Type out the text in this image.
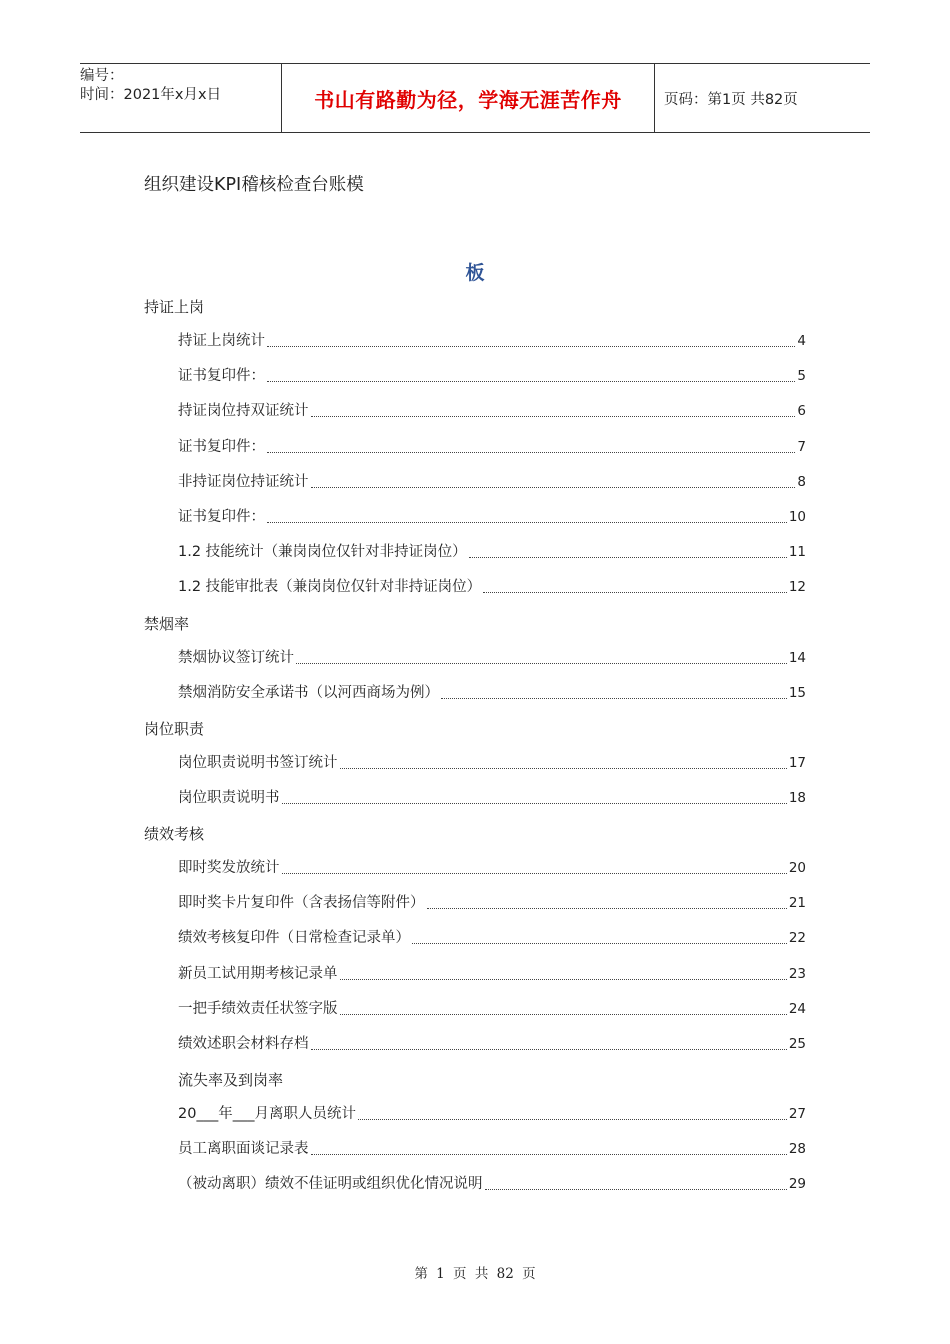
编号：
时间：2021年x月x日	书山有路勤为径，学海无涯苦作舟	页码：第1页 共82页
组织建设KPI稽核检查台账模
板
持证上岗
持证上岗统计	4
证书复印件：	5
持证岗位持双证统计	6
证书复印件：	7
非持证岗位持证统计	8
证书复印件：	10
1.2 技能统计（兼岗岗位仅针对非持证岗位）	11
1.2 技能审批表（兼岗岗位仅针对非持证岗位）	12
禁烟率
禁烟协议签订统计	14
禁烟消防安全承诺书（以河西商场为例）	15
岗位职责
岗位职责说明书签订统计	17
岗位职责说明书	18
绩效考核
即时奖发放统计	20
即时奖卡片复印件（含表扬信等附件）	21
绩效考核复印件（日常检查记录单）	22
新员工试用期考核记录单	23
一把手绩效责任状签字版	24
绩效述职会材料存档	25
流失率及到岗率
20___年___月离职人员统计	27
员工离职面谈记录表	28
（被动离职）绩效不佳证明或组织优化情况说明	29
第 1 页 共 82 页
